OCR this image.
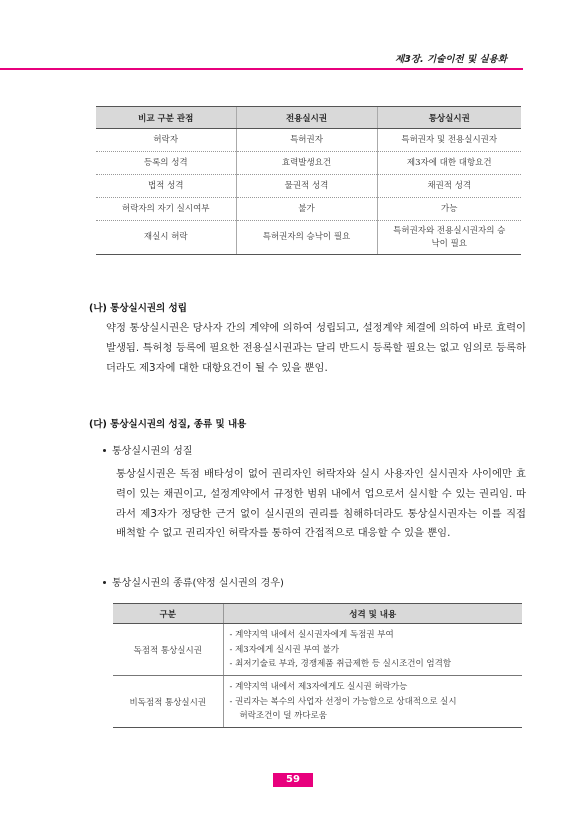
제3장. 기술이전 및 실용화
비교 구분 관점	전용실시권	통상실시권
허락자	특허권자	특허권자 및 전용실시권자
등록의 성격	효력발생요건	제3자에 대한 대항요건
법적 성격	물권적 성격	채권적 성격
허락자의 자기 실시여부	불가	가능
재실시 허락	특허권자의 승낙이 필요	특허권자와 전용실시권자의 승낙이 필요
(나) 통상실시권의 성립
약정 통상실시권은 당사자 간의 계약에 의하여 성립되고, 설정계약 체결에 의하여 바로 효력이 발생됨. 특허청 등록에 필요한 전용실시권과는 달리 반드시 등록할 필요는 없고 임의로 등록하더라도 제3자에 대한 대항요건이 될 수 있을 뿐임.
(다) 통상실시권의 성질, 종류 및 내용
통상실시권의 성질
통상실시권은 독점 배타성이 없어 권리자인 허락자와 실시 사용자인 실시권자 사이에만 효력이 있는 채권이고, 설정계약에서 규정한 범위 내에서 업으로서 실시할 수 있는 권리임. 따라서 제3자가 정당한 근거 없이 실시권의 권리를 침해하더라도 통상실시권자는 이를 직접 배척할 수 없고 권리자인 허락자를 통하여 간접적으로 대응할 수 있을 뿐임.
통상실시권의 종류(약정 실시권의 경우)
구분	성격 및 내용
독점적 통상실시권	- 계약지역 내에서 실시권자에게 독점권 부여
- 제3자에게 실시권 부여 불가
- 최저기술료 부과, 경쟁제품 취급제한 등 실시조건이 엄격함

비독점적 통상실시권	- 계약지역 내에서 제3자에게도 실시권 허락가능
- 권리자는 복수의 사업자 선정이 가능함으로 상대적으로 실시
허락조건이 덜 까다로움
59
